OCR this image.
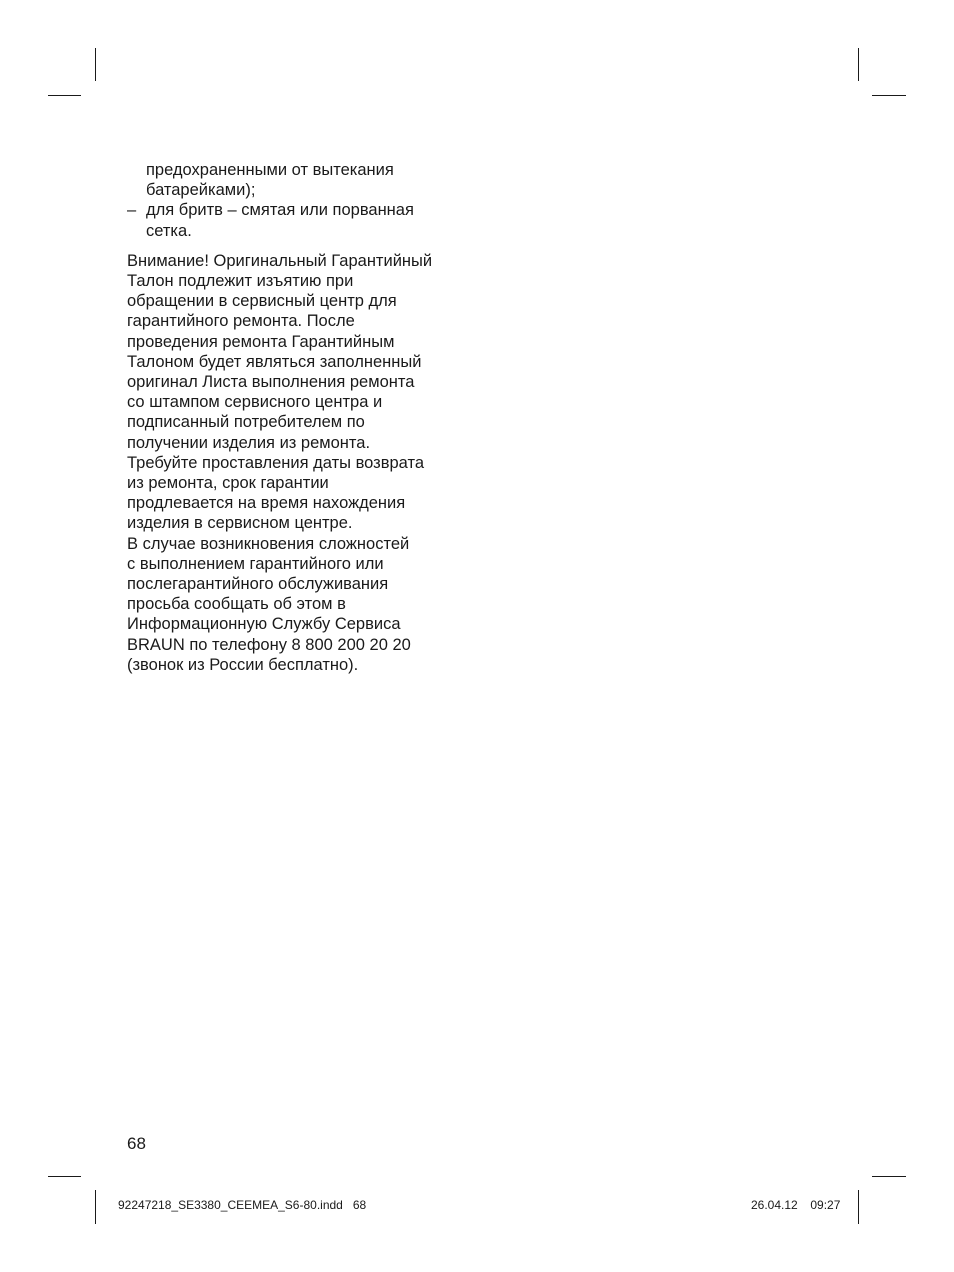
предохраненными от вытекания
батарейками);
– для бритв – смятая или порванная
сетка.
Внимание! Оригинальный Гарантийный
Талон подлежит изъятию при
обращении в сервисный центр для
гарантийного ремонта. После
проведения ремонта Гарантийным
Талоном будет являться заполненный
оригинал Листа выполнения ремонта
со штампом сервисного центра и
подписанный потребителем по
получении изделия из ремонта.
Требуйте проставления даты возврата
из ремонта, срок гарантии
продлевается на время нахождения
изделия в сервисном центре.
В случае возникновения сложностей
с выполнением гарантийного или
послегарантийного обслуживания
просьба сообщать об этом в
Информационную Службу Сервиса
BRAUN по телефону 8 800 200 20 20
(звонок из России бесплатно).
68
92247218_SE3380_CEEMEA_S6-80.indd   68	26.04.12  09:27
